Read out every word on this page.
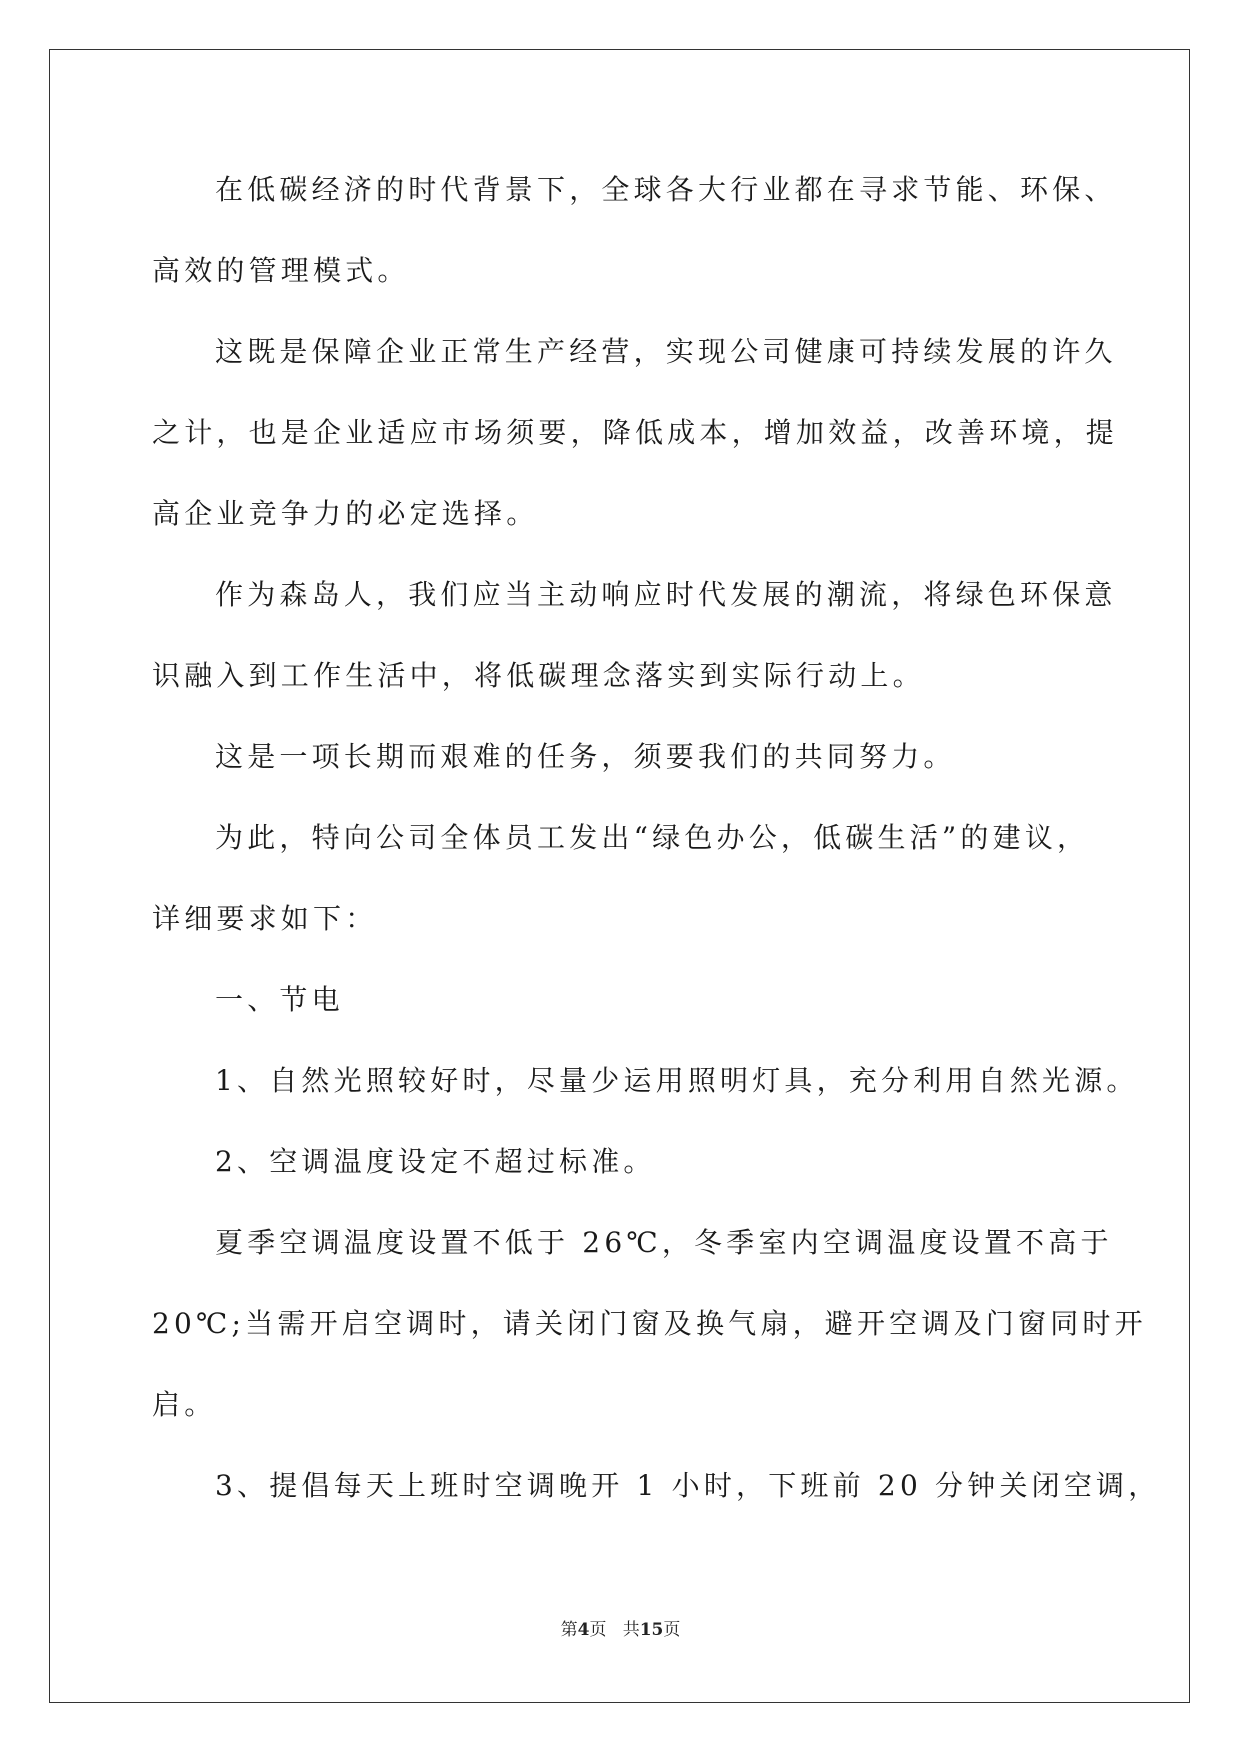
在低碳经济的时代背景下，全球各大行业都在寻求节能、环保、
高效的管理模式。
这既是保障企业正常生产经营，实现公司健康可持续发展的许久
之计，也是企业适应市场须要，降低成本，增加效益，改善环境，提
高企业竞争力的必定选择。
作为森岛人，我们应当主动响应时代发展的潮流，将绿色环保意
识融入到工作生活中，将低碳理念落实到实际行动上。
这是一项长期而艰难的任务，须要我们的共同努力。
为此，特向公司全体员工发出“绿色办公，低碳生活”的建议，
详细要求如下：
一、节电
1、自然光照较好时，尽量少运用照明灯具，充分利用自然光源。
2、空调温度设定不超过标准。
夏季空调温度设置不低于 26℃，冬季室内空调温度设置不高于
20℃;当需开启空调时，请关闭门窗及换气扇，避开空调及门窗同时开
启。
3、提倡每天上班时空调晚开 1 小时，下班前 20 分钟关闭空调，
第4页 共15页
